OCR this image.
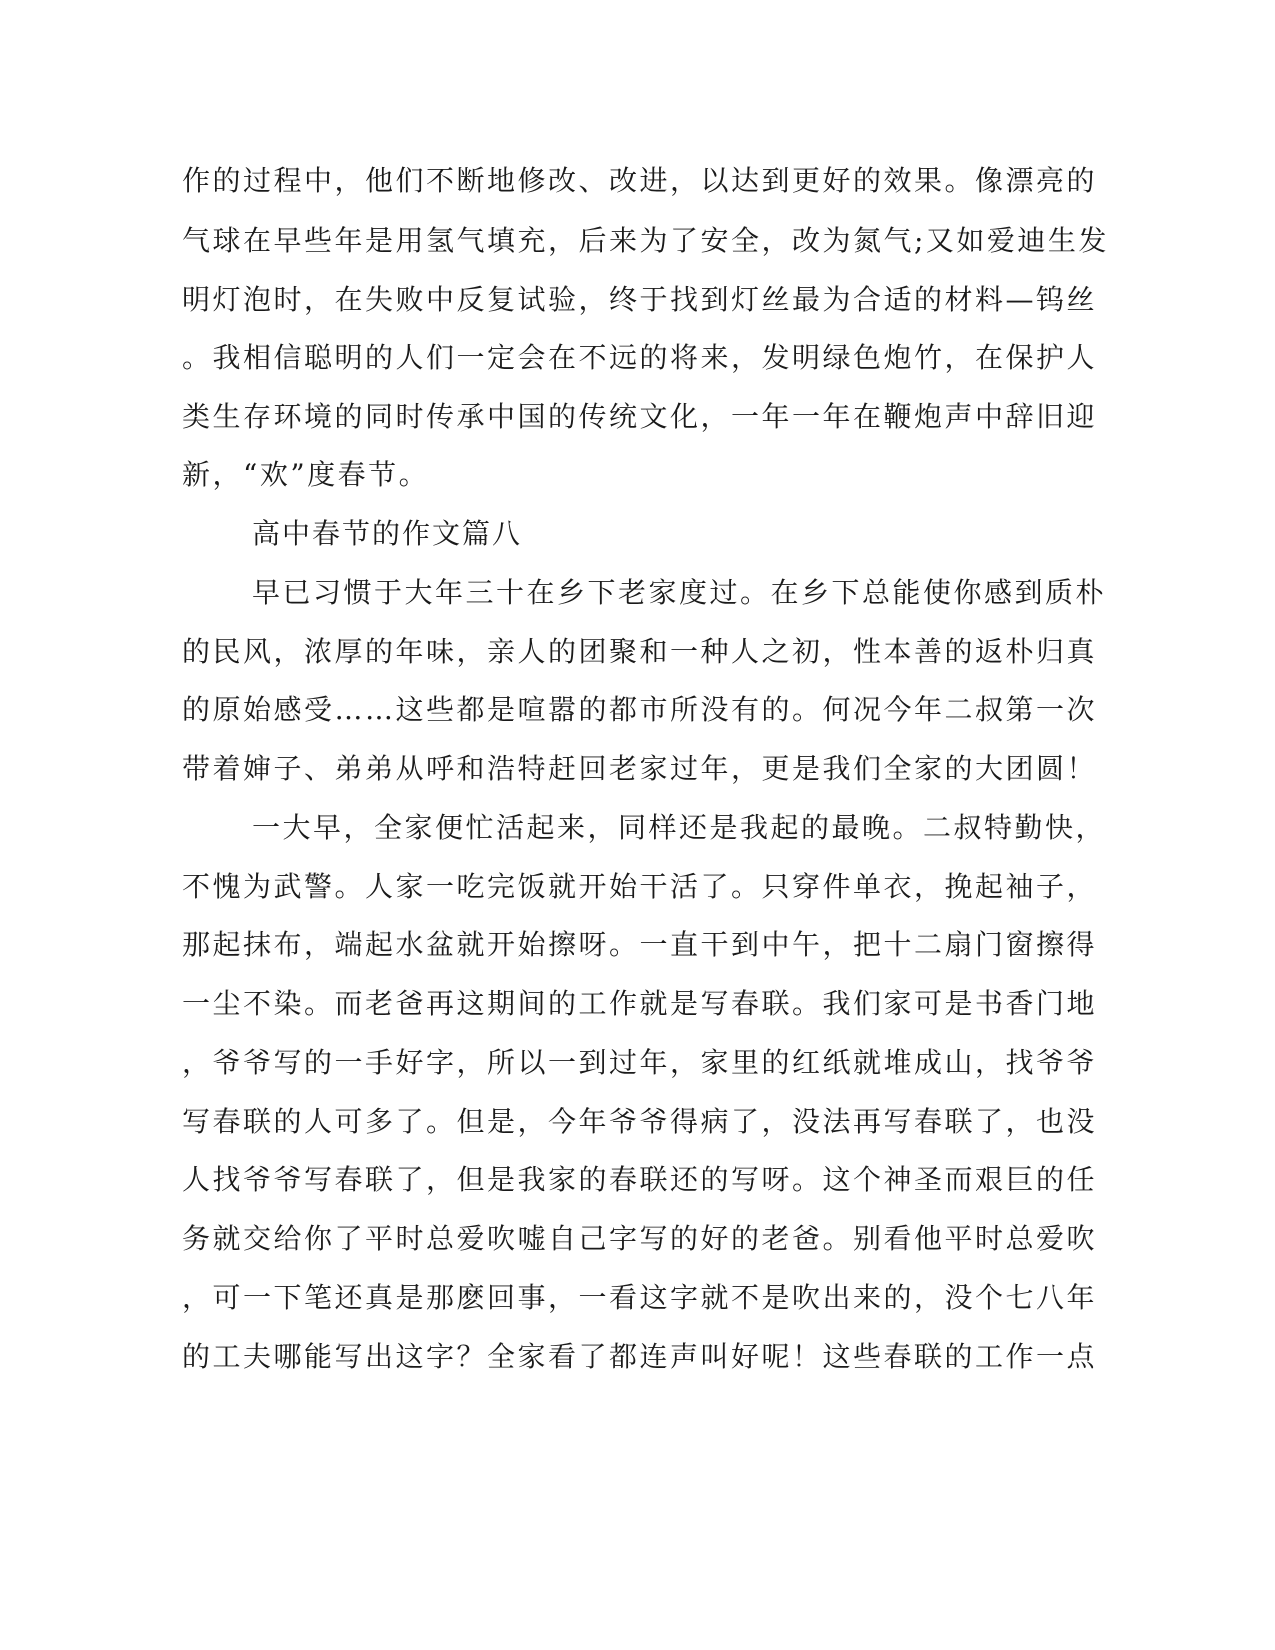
作的过程中，他们不断地修改、改进，以达到更好的效果。像漂亮的
气球在早些年是用氢气填充，后来为了安全，改为氮气;又如爱迪生发
明灯泡时，在失败中反复试验，终于找到灯丝最为合适的材料—钨丝
。我相信聪明的人们一定会在不远的将来，发明绿色炮竹，在保护人
类生存环境的同时传承中国的传统文化，一年一年在鞭炮声中辞旧迎
新，“欢”度春节。
高中春节的作文篇八
早已习惯于大年三十在乡下老家度过。在乡下总能使你感到质朴
的民风，浓厚的年味，亲人的团聚和一种人之初，性本善的返朴归真
的原始感受……这些都是喧嚣的都市所没有的。何况今年二叔第一次
带着婶子、弟弟从呼和浩特赶回老家过年，更是我们全家的大团圆！
一大早，全家便忙活起来，同样还是我起的最晚。二叔特勤快，
不愧为武警。人家一吃完饭就开始干活了。只穿件单衣，挽起袖子，
那起抹布，端起水盆就开始擦呀。一直干到中午，把十二扇门窗擦得
一尘不染。而老爸再这期间的工作就是写春联。我们家可是书香门地
，爷爷写的一手好字，所以一到过年，家里的红纸就堆成山，找爷爷
写春联的人可多了。但是，今年爷爷得病了，没法再写春联了，也没
人找爷爷写春联了，但是我家的春联还的写呀。这个神圣而艰巨的任
务就交给你了平时总爱吹嘘自己字写的好的老爸。别看他平时总爱吹
，可一下笔还真是那麽回事，一看这字就不是吹出来的，没个七八年
的工夫哪能写出这字？全家看了都连声叫好呢！这些春联的工作一点
